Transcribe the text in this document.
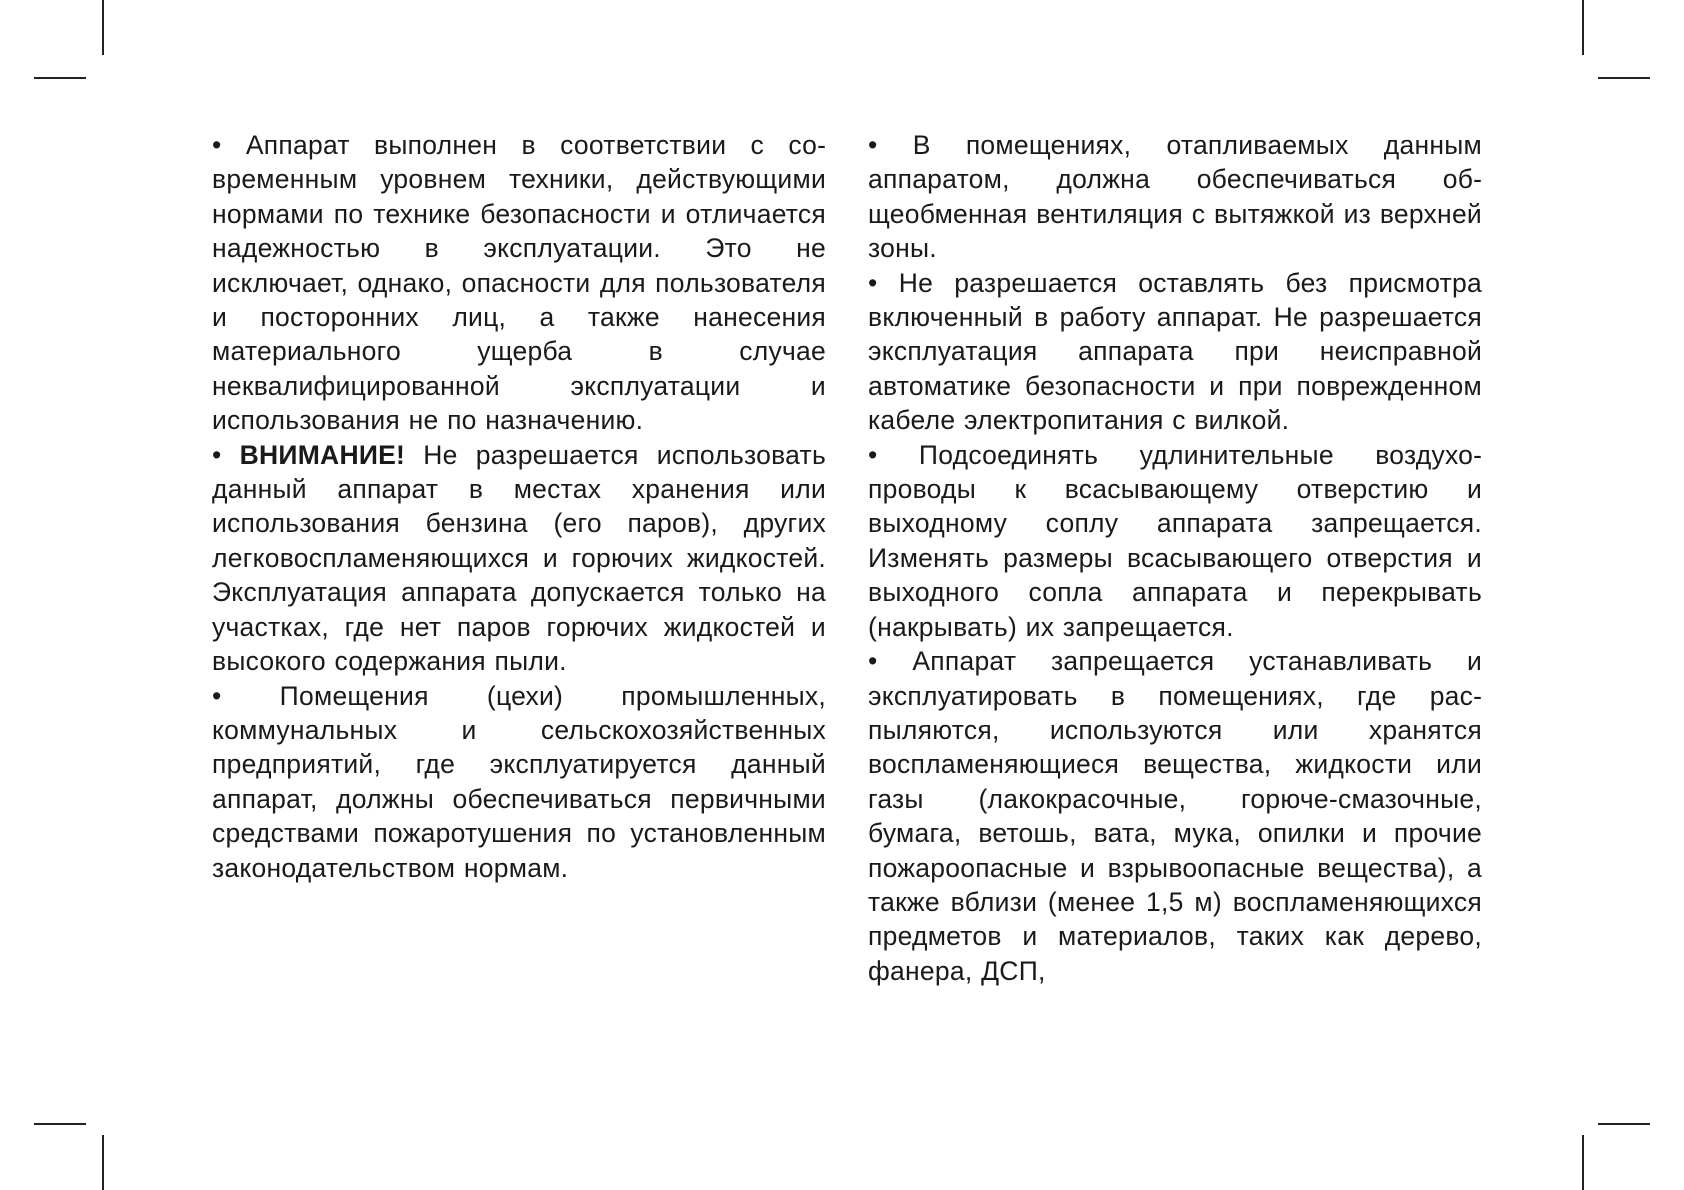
• Аппарат выполнен в соответствии с современным уровнем техники, действующими нормами по технике безопасности и отличается надежностью в эксплуатации. Это не исключает, однако, опасности для пользователя и посторонних лиц, а также нанесения материального ущерба в случае неквалифицированной эксплуатации и использования не по назначению.

• ВНИМАНИЕ! Не разрешается использовать данный аппарат в местах хранения или использования бензина (его паров), других легковоспламеняющихся и горючих жидкостей. Эксплуатация аппарата допускается только на участках, где нет паров горючих жидкостей и высокого содержания пыли.

• Помещения (цехи) промышленных, коммунальных и сельскохозяйственных предприятий, где эксплуатируется данный аппарат, должны обеспечиваться первичными средствами пожаротушения по установленным законодательством нормам.

• В помещениях, отапливаемых данным аппаратом, должна обеспечиваться общеобменная вентиляция с вытяжкой из верхней зоны.

• Не разрешается оставлять без присмотра включенный в работу аппарат. Не разрешается эксплуатация аппарата при неисправной автоматике безопасности и при поврежденном кабеле электропитания с вилкой.

• Подсоединять удлинительные воздухопроводы к всасывающему отверстию и выходному соплу аппарата запрещается. Изменять размеры всасывающего отверстия и выходного сопла аппарата и перекрывать (накрывать) их запрещается.

• Аппарат запрещается устанавливать и эксплуатировать в помещениях, где распыляются, используются или хранятся воспламеняющиеся вещества, жидкости или газы (лакокрасочные, горюче-смазочные, бумага, ветошь, вата, мука, опилки и прочие пожароопасные и взрывоопасные вещества), а также вблизи (менее 1,5 м) воспламеняющихся предметов и материалов, таких как дерево, фанера, ДСП,
